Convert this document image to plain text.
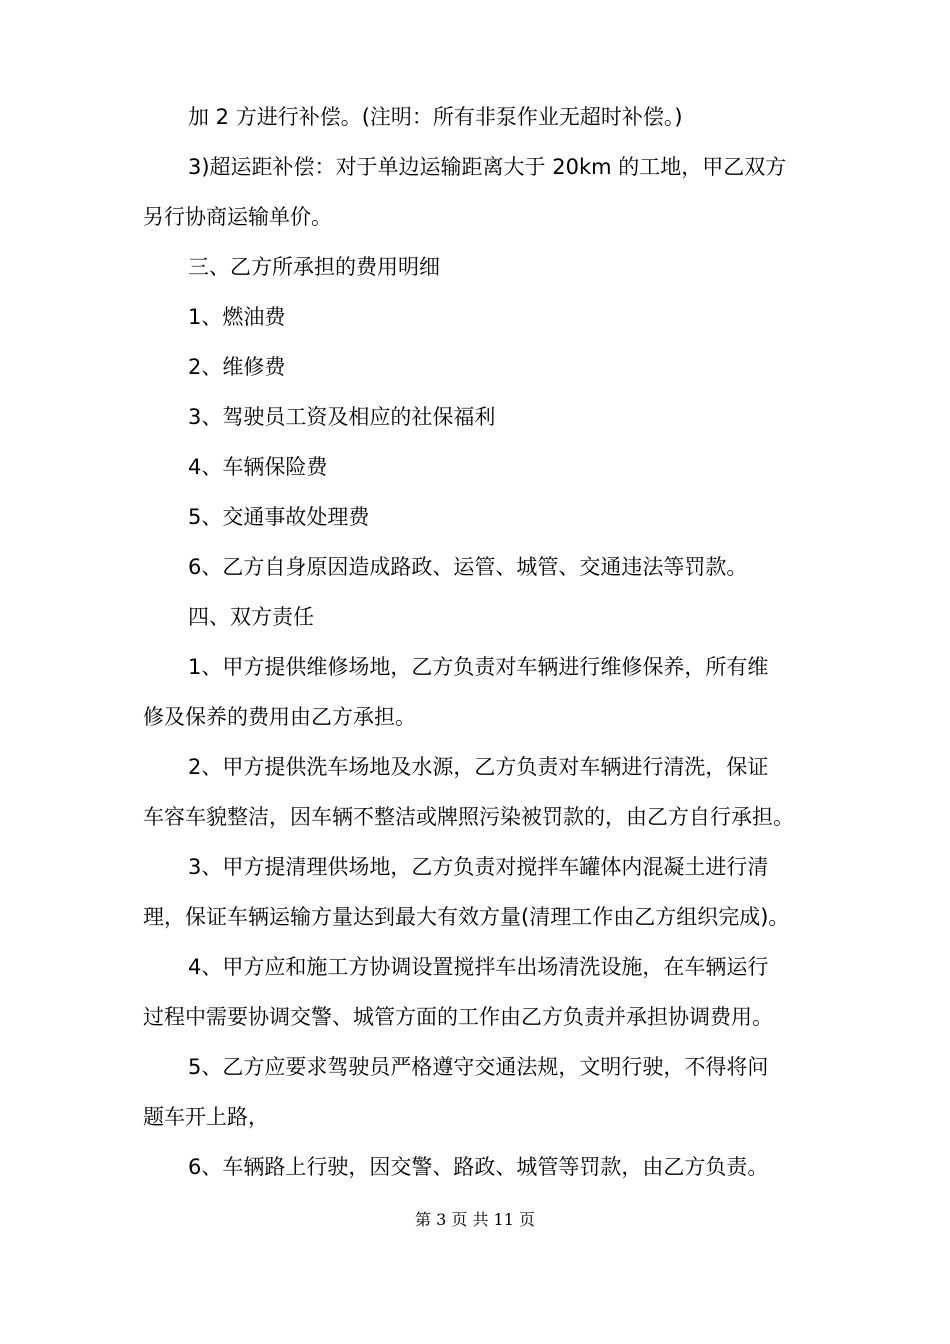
加 2 方进行补偿。(注明：所有非泵作业无超时补偿。)
3)超运距补偿：对于单边运输距离大于 20km 的工地，甲乙双方
另行协商运输单价。
三、乙方所承担的费用明细
1、燃油费
2、维修费
3、驾驶员工资及相应的社保福利
4、车辆保险费
5、交通事故处理费
6、乙方自身原因造成路政、运管、城管、交通违法等罚款。
四、双方责任
1、甲方提供维修场地，乙方负责对车辆进行维修保养，所有维
修及保养的费用由乙方承担。
2、甲方提供洗车场地及水源，乙方负责对车辆进行清洗，保证
车容车貌整洁，因车辆不整洁或牌照污染被罚款的，由乙方自行承担。
3、甲方提清理供场地，乙方负责对搅拌车罐体内混凝土进行清
理，保证车辆运输方量达到最大有效方量(清理工作由乙方组织完成)。
4、甲方应和施工方协调设置搅拌车出场清洗设施，在车辆运行
过程中需要协调交警、城管方面的工作由乙方负责并承担协调费用。
5、乙方应要求驾驶员严格遵守交通法规，文明行驶，不得将问
题车开上路，
6、车辆路上行驶，因交警、路政、城管等罚款，由乙方负责。
第 3 页 共 11 页
